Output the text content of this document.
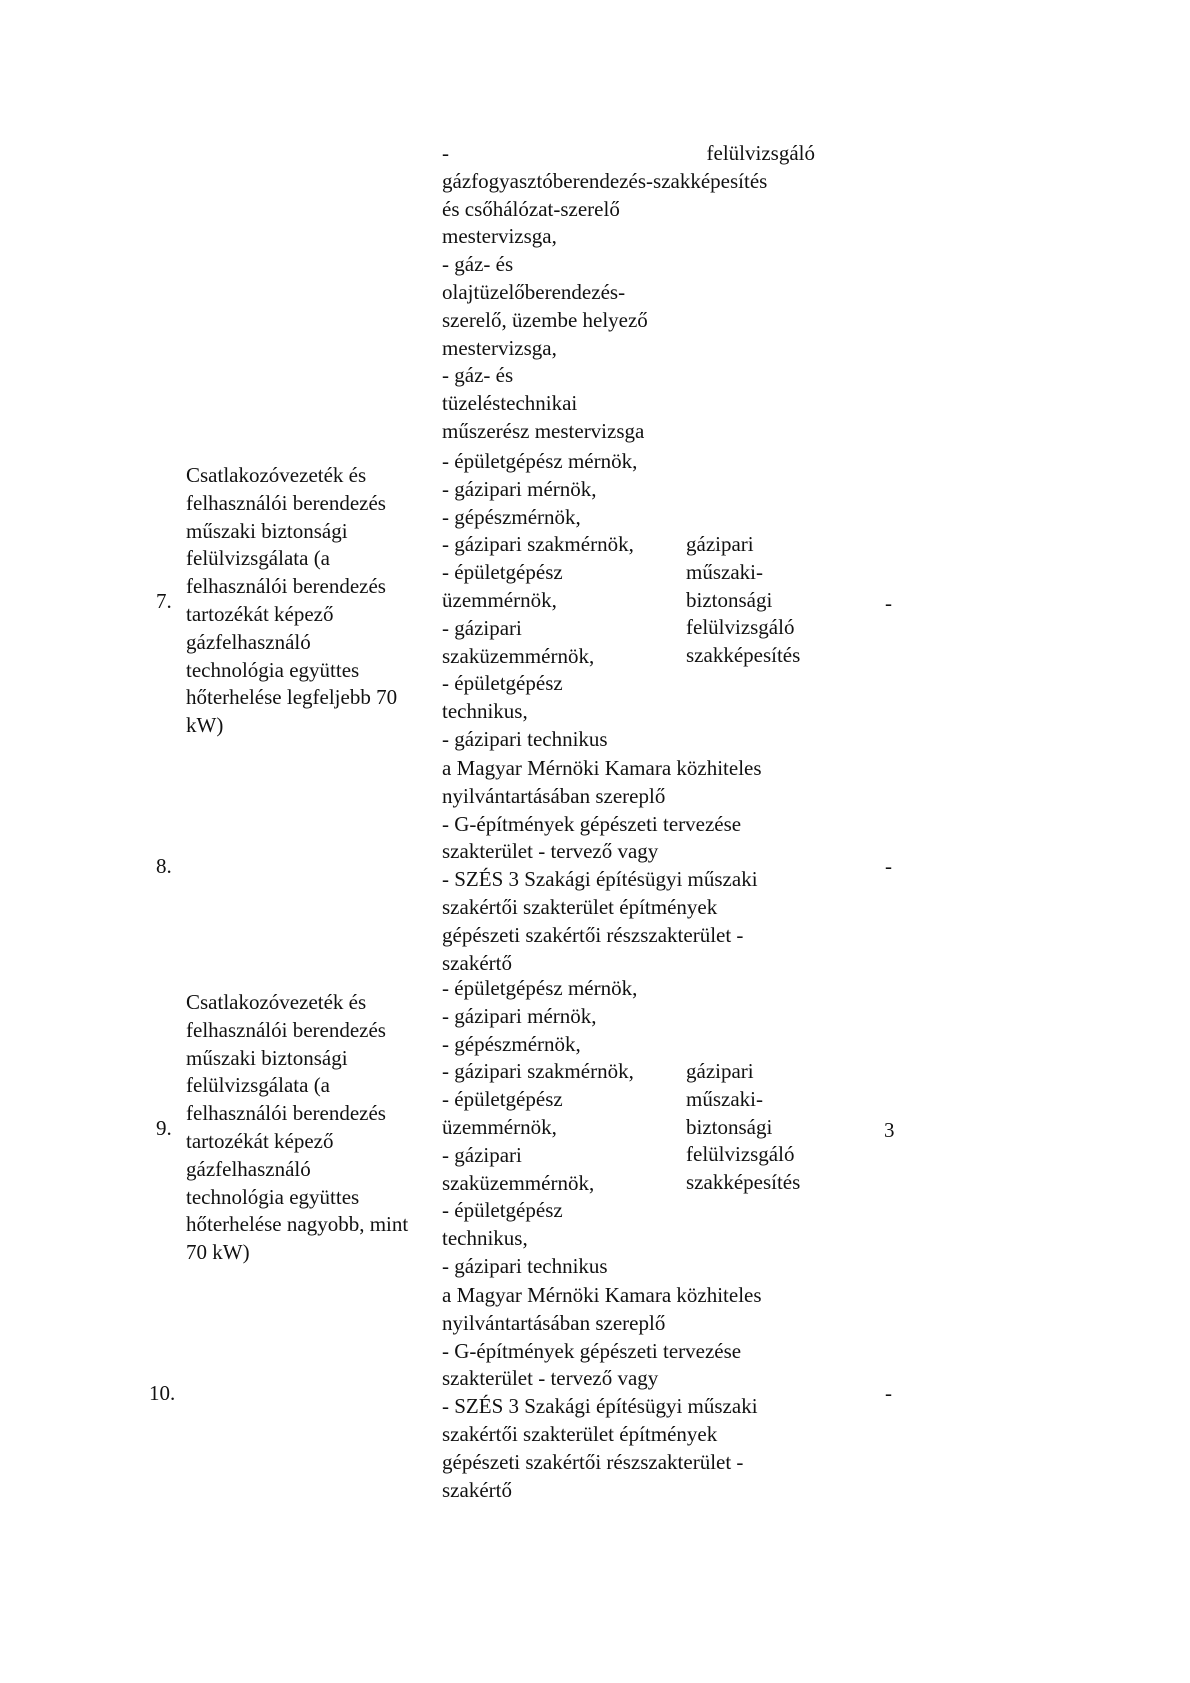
-	felülvizsgáló
gázfogyasztóberendezés-szakképesítés
és csőhálózat-szerelő
mestervizsga,
- gáz- és
olajtüzelőberendezés-
szerelő, üzembe helyező
mestervizsga,
- gáz- és
tüzeléstechnikai
műszerész mestervizsga
7.
Csatlakozóvezeték és
felhasználói berendezés
műszaki biztonsági
felülvizsgálata (a
felhasználói berendezés
tartozékát képező
gázfelhasználó
technológia együttes
hőterhelése legfeljebb 70
kW)
- épületgépész mérnök,
- gázipari mérnök,
- gépészmérnök,
- gázipari szakmérnök,
- épületgépész
üzemmérnök,
- gázipari
szaküzemmérnök,
- épületgépész
technikus,
- gázipari technikus
gázipari
műszaki-
biztonsági
felülvizsgáló
szakképesítés
-
8.
a Magyar Mérnöki Kamara közhiteles
nyilvántartásában szereplő
- G-építmények gépészeti tervezése
szakterület - tervező vagy
- SZÉS 3 Szakági építésügyi műszaki
szakértői szakterület építmények
gépészeti szakértői részszakterület -
szakértő
-
9.
Csatlakozóvezeték és
felhasználói berendezés
műszaki biztonsági
felülvizsgálata (a
felhasználói berendezés
tartozékát képező
gázfelhasználó
technológia együttes
hőterhelése nagyobb, mint
70 kW)
- épületgépész mérnök,
- gázipari mérnök,
- gépészmérnök,
- gázipari szakmérnök,
- épületgépész
üzemmérnök,
- gázipari
szaküzemmérnök,
- épületgépész
technikus,
- gázipari technikus
gázipari
műszaki-
biztonsági
felülvizsgáló
szakképesítés
3
10.
a Magyar Mérnöki Kamara közhiteles
nyilvántartásában szereplő
- G-építmények gépészeti tervezése
szakterület - tervező vagy
- SZÉS 3 Szakági építésügyi műszaki
szakértői szakterület építmények
gépészeti szakértői részszakterület -
szakértő
-
